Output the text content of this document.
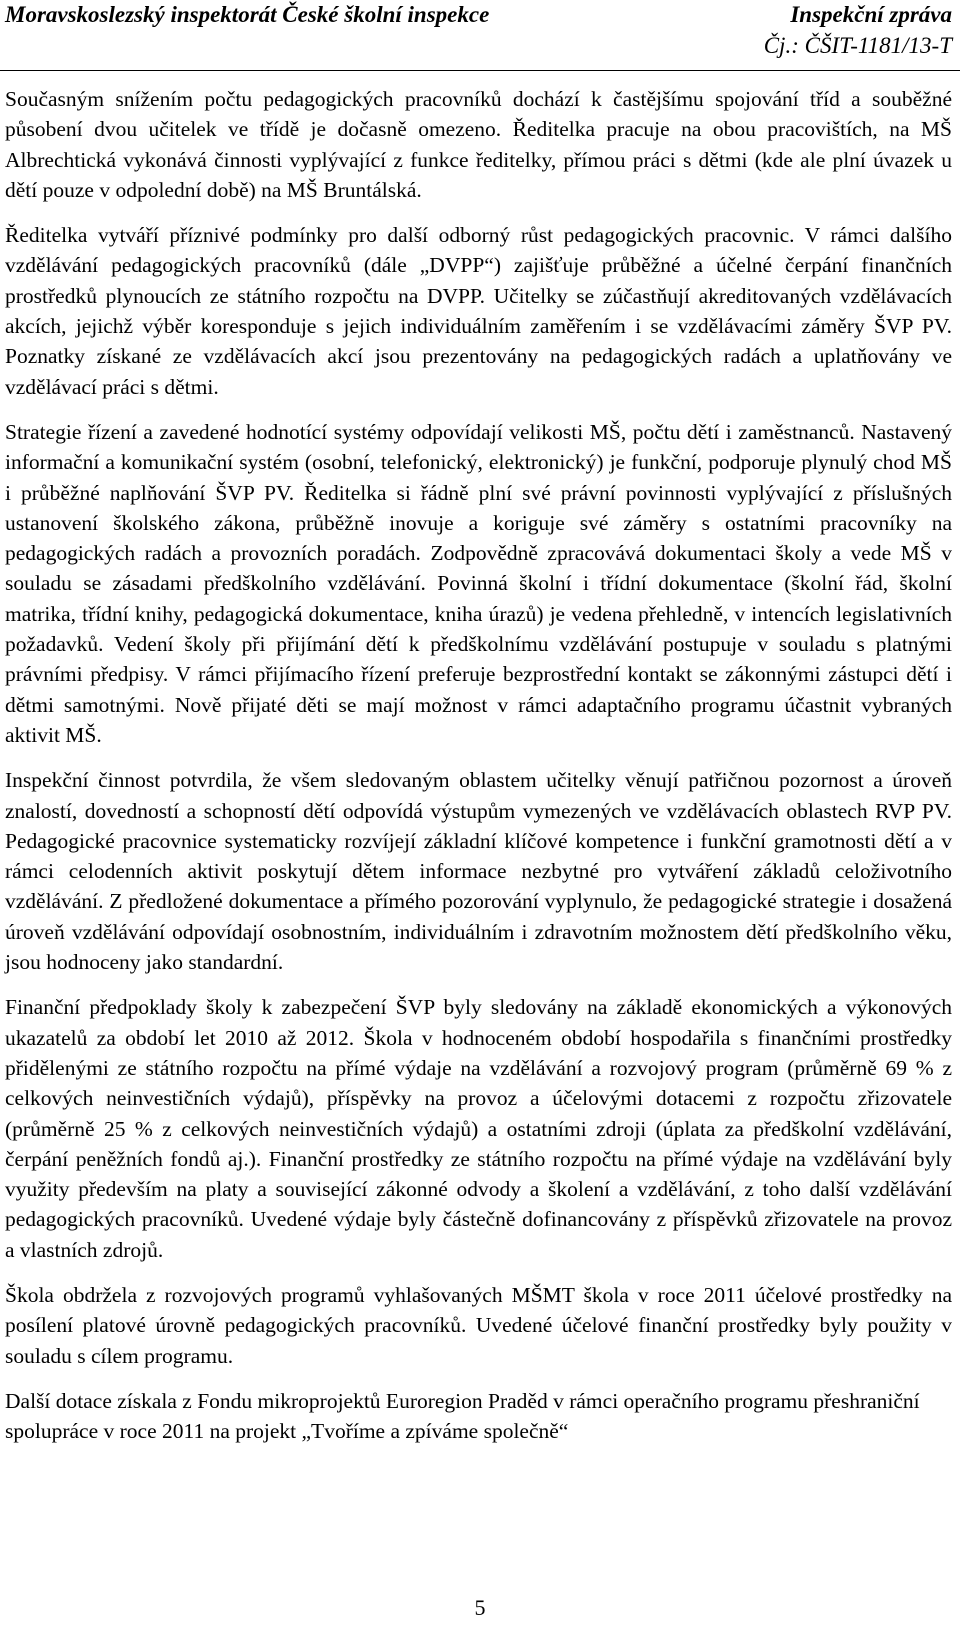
Moravskoslezský inspektorát České školní inspekce	Inspekční zpráva
Čj.: ČŠIT-1181/13-T

Současným snížením počtu pedagogických pracovníků dochází k častějšímu spojování tříd a souběžné působení dvou učitelek ve třídě je dočasně omezeno. Ředitelka pracuje na obou pracovištích, na MŠ Albrechtická vykonává činnosti vyplývající z funkce ředitelky, přímou práci s dětmi (kde ale plní úvazek u dětí pouze v odpolední době) na MŠ Bruntálská.

Ředitelka vytváří příznivé podmínky pro další odborný růst pedagogických pracovnic. V rámci dalšího vzdělávání pedagogických pracovníků (dále „DVPP“) zajišťuje průběžné a účelné čerpání finančních prostředků plynoucích ze státního rozpočtu na DVPP. Učitelky se zúčastňují akreditovaných vzdělávacích akcích, jejichž výběr koresponduje s jejich individuálním zaměřením i se vzdělávacími záměry ŠVP PV. Poznatky získané ze vzdělávacích akcí jsou prezentovány na pedagogických radách a uplatňovány ve vzdělávací práci s dětmi.

Strategie řízení a zavedené hodnotící systémy odpovídají velikosti MŠ, počtu dětí i zaměstnanců. Nastavený informační a komunikační systém (osobní, telefonický, elektronický) je funkční, podporuje plynulý chod MŠ i průběžné naplňování ŠVP PV. Ředitelka si řádně plní své právní povinnosti vyplývající z příslušných ustanovení školského zákona, průběžně inovuje a koriguje své záměry s ostatními pracovníky na pedagogických radách a provozních poradách. Zodpovědně zpracovává dokumentaci školy a vede MŠ v souladu se zásadami předškolního vzdělávání. Povinná školní i třídní dokumentace (školní řád, školní matrika, třídní knihy, pedagogická dokumentace, kniha úrazů) je vedena přehledně, v intencích legislativních požadavků. Vedení školy při přijímání dětí k předškolnímu vzdělávání postupuje v souladu s platnými právními předpisy. V rámci přijímacího řízení preferuje bezprostřední kontakt se zákonnými zástupci dětí i dětmi samotnými. Nově přijaté děti se mají možnost v rámci adaptačního programu účastnit vybraných aktivit MŠ.

Inspekční činnost potvrdila, že všem sledovaným oblastem učitelky věnují patřičnou pozornost a úroveň znalostí, dovedností a schopností dětí odpovídá výstupům vymezených ve vzdělávacích oblastech RVP PV. Pedagogické pracovnice systematicky rozvíjejí základní klíčové kompetence i funkční gramotnosti dětí a v rámci celodenních aktivit poskytují dětem informace nezbytné pro vytváření základů celoživotního vzdělávání. Z předložené dokumentace a přímého pozorování vyplynulo, že pedagogické strategie i dosažená úroveň vzdělávání odpovídají osobnostním, individuálním i zdravotním možnostem dětí předškolního věku, jsou hodnoceny jako standardní.

Finanční předpoklady školy k zabezpečení ŠVP byly sledovány na základě ekonomických a výkonových ukazatelů za období let 2010 až 2012. Škola v hodnoceném období hospodařila s finančními prostředky přidělenými ze státního rozpočtu na přímé výdaje na vzdělávání a rozvojový program (průměrně 69 % z celkových neinvestičních výdajů), příspěvky na provoz a účelovými dotacemi z rozpočtu zřizovatele (průměrně 25 % z celkových neinvestičních výdajů) a ostatními zdroji (úplata za předškolní vzdělávání, čerpání peněžních fondů aj.). Finanční prostředky ze státního rozpočtu na přímé výdaje na vzdělávání byly využity především na platy a související zákonné odvody a školení a vzdělávání, z toho další vzdělávání pedagogických pracovníků. Uvedené výdaje byly částečně dofinancovány z příspěvků zřizovatele na provoz a vlastních zdrojů.

Škola obdržela z rozvojových programů vyhlašovaných MŠMT škola v roce 2011 účelové prostředky na posílení platové úrovně pedagogických pracovníků. Uvedené účelové finanční prostředky byly použity v souladu s cílem programu.

Další dotace získala z Fondu mikroprojektů Euroregion Praděd v rámci operačního programu přeshraniční spolupráce v roce 2011 na projekt „Tvoříme a zpíváme společně“

5
